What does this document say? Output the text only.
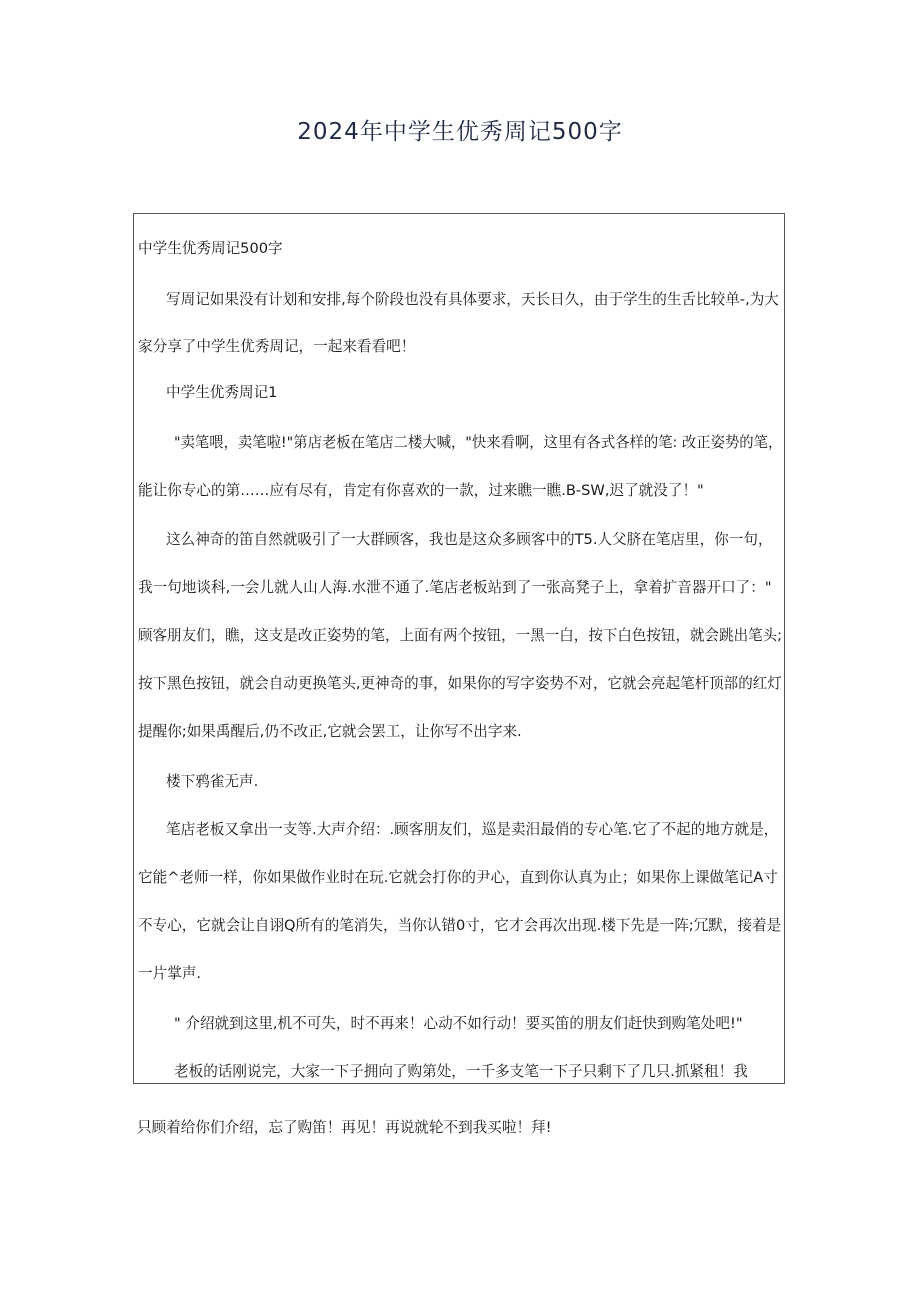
2024年中学生优秀周记500字

中学生优秀周记500字

写周记如果没有计划和安排,每个阶段也没有具体要求，天长日久，由于学生的生舌比较单-,为大

家分享了中学生优秀周记，一起来看看吧！

中学生优秀周记1

"卖笔喂，卖笔啦!"第店老板在笔店二楼大喊，"快来看啊，这里有各式各样的笔: 改正姿势的笔，

能让你专心的第……应有尽有，肯定有你喜欢的一款，过来瞧一瞧.B-SW,迟了就没了！"

这么神奇的笛自然就吸引了一大群顾客，我也是这众多顾客中的T5.人父脐在笔店里，你一句，

我一句地谈科,一会儿就人山人海.水泄不通了.笔店老板站到了一张高凳子上，拿着扩音器开口了："

顾客朋友们，瞧，这支是改正姿势的笔，上面有两个按钮，一黑一白，按下白色按钮，就会跳出笔头;

按下黑色按钮，就会自动更换笔头,更神奇的事，如果你的写字姿势不对，它就会亮起笔杆顶部的红灯

提醒你;如果禹醒后,仍不改正,它就会罢工，让你写不出字来.

楼下鸦雀无声.

笔店老板又拿出一支等.大声介绍：.顾客朋友们，巡是卖汨最俏的专心笔.它了不起的地方就是，

它能^老师一样，你如果做作业时在玩.它就会打你的尹心，直到你认真为止；如果你上课做笔记A寸

不专心，它就会让自诩Q所有的笔消失，当你认错0寸，它才会再次出现.楼下先是一阵;冗默，接着是

一片掌声.

" 介绍就到这里,机不可失，时不再来！心动不如行动！要买笛的朋友们赶快到购笔处吧!"

老板的话刚说完，大家一下子拥向了购第处，一千多支笔一下子只剩下了几只.抓紧租！我

只顾着给你们介绍，忘了购笛！再见！再说就轮不到我买啦！拜!
